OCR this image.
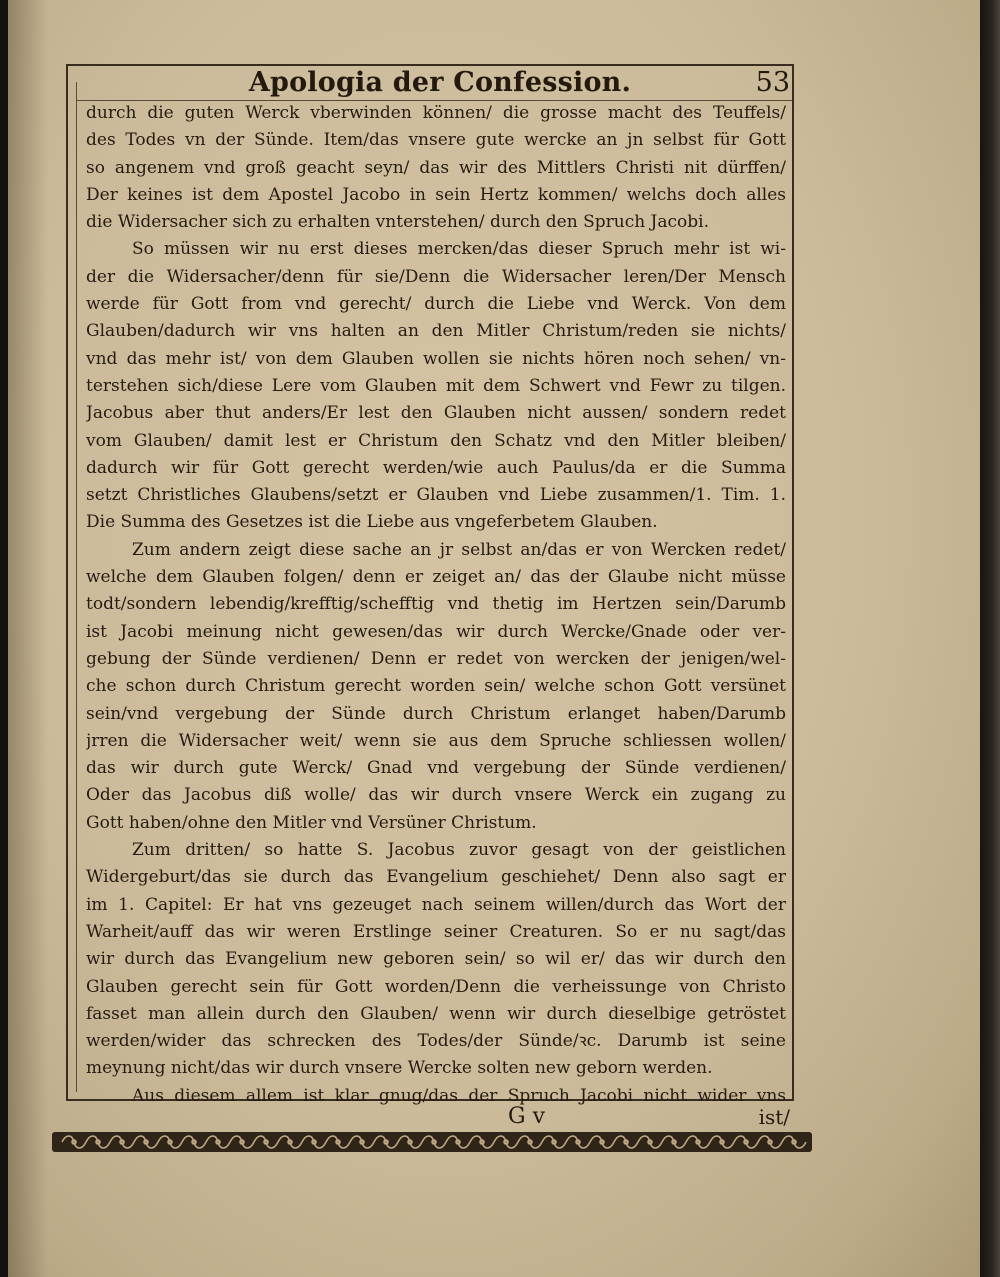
Apologia der Confession.	53
durch die guten Werck vberwinden können/ die grosse macht des Teuffels/
des Todes vn der Sünde. Item/das vnsere gute wercke an jn selbst für Gott
so angenem vnd groß geacht seyn/ das wir des Mittlers Christi nit dürffen/
Der keines ist dem Apostel Jacobo in sein Hertz kommen/ welchs doch alles
die Widersacher sich zu erhalten vnterstehen/ durch den Spruch Jacobi.
So müssen wir nu erst dieses mercken/das dieser Spruch mehr ist wi-
der die Widersacher/denn für sie/Denn die Widersacher leren/Der Mensch
werde für Gott from vnd gerecht/ durch die Liebe vnd Werck. Von dem
Glauben/dadurch wir vns halten an den Mitler Christum/reden sie nichts/
vnd das mehr ist/ von dem Glauben wollen sie nichts hören noch sehen/ vn-
terstehen sich/diese Lere vom Glauben mit dem Schwert vnd Fewr zu tilgen.
Jacobus aber thut anders/Er lest den Glauben nicht aussen/ sondern redet
vom Glauben/ damit lest er Christum den Schatz vnd den Mitler bleiben/
dadurch wir für Gott gerecht werden/wie auch Paulus/da er die Summa
setzt Christliches Glaubens/setzt er Glauben vnd Liebe zusammen/1. Tim. 1.
Die Summa des Gesetzes ist die Liebe aus vngeferbetem Glauben.
Zum andern zeigt diese sache an jr selbst an/das er von Wercken redet/
welche dem Glauben folgen/ denn er zeiget an/ das der Glaube nicht müsse
todt/sondern lebendig/krefftig/schefftig vnd thetig im Hertzen sein/Darumb
ist Jacobi meinung nicht gewesen/das wir durch Wercke/Gnade oder ver-
gebung der Sünde verdienen/ Denn er redet von wercken der jenigen/wel-
che schon durch Christum gerecht worden sein/ welche schon Gott versünet
sein/vnd vergebung der Sünde durch Christum erlanget haben/Darumb
jrren die Widersacher weit/ wenn sie aus dem Spruche schliessen wollen/
das wir durch gute Werck/ Gnad vnd vergebung der Sünde verdienen/
Oder das Jacobus diß wolle/ das wir durch vnsere Werck ein zugang zu
Gott haben/ohne den Mitler vnd Versüner Christum.
Zum dritten/ so hatte S. Jacobus zuvor gesagt von der geistlichen
Widergeburt/das sie durch das Evangelium geschiehet/ Denn also sagt er
im 1. Capitel: Er hat vns gezeuget nach seinem willen/durch das Wort der
Warheit/auff das wir weren Erstlinge seiner Creaturen. So er nu sagt/das
wir durch das Evangelium new geboren sein/ so wil er/ das wir durch den
Glauben gerecht sein für Gott worden/Denn die verheissunge von Christo
fasset man allein durch den Glauben/ wenn wir durch dieselbige getröstet
werden/wider das schrecken des Todes/der Sünde/ꝛc. Darumb ist seine
meynung nicht/das wir durch vnsere Wercke solten new geborn werden.
Aus diesem allem ist klar gnug/das der Spruch Jacobi nicht wider vns
G v	ist/
